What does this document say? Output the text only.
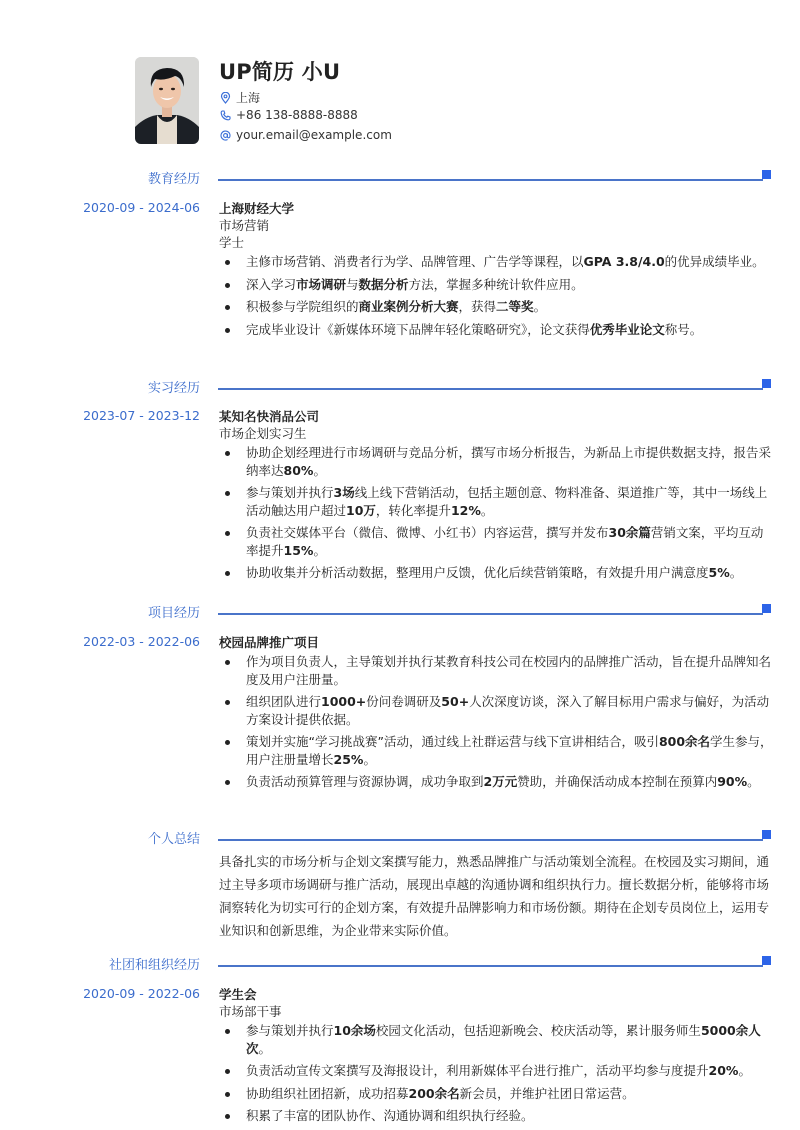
UP简历 小U
上海
+86 138-8888-8888
your.email@example.com
教育经历
2020-09 - 2024-06 上海财经大学
市场营销
学士
主修市场营销、消费者行为学、品牌管理、广告学等课程，以GPA 3.8/4.0的优异成绩毕业。
深入学习市场调研与数据分析方法，掌握多种统计软件应用。
积极参与学院组织的商业案例分析大赛，获得二等奖。
完成毕业设计《新媒体环境下品牌年轻化策略研究》，论文获得优秀毕业论文称号。
实习经历
2023-07 - 2023-12 某知名快消品公司
市场企划实习生
协助企划经理进行市场调研与竞品分析，撰写市场分析报告，为新品上市提供数据支持，报告采纳率达80%。
参与策划并执行3场线上线下营销活动，包括主题创意、物料准备、渠道推广等，其中一场线上活动触达用户超过10万，转化率提升12%。
负责社交媒体平台（微信、微博、小红书）内容运营，撰写并发布30余篇营销文案，平均互动率提升15%。
协助收集并分析活动数据，整理用户反馈，优化后续营销策略，有效提升用户满意度5%。
项目经历
2022-03 - 2022-06 校园品牌推广项目
作为项目负责人，主导策划并执行某教育科技公司在校园内的品牌推广活动，旨在提升品牌知名度及用户注册量。
组织团队进行1000+份问卷调研及50+人次深度访谈，深入了解目标用户需求与偏好，为活动方案设计提供依据。
策划并实施“学习挑战赛”活动，通过线上社群运营与线下宣讲相结合，吸引800余名学生参与，用户注册量增长25%。
负责活动预算管理与资源协调，成功争取到2万元赞助，并确保活动成本控制在预算内90%。
个人总结
具备扎实的市场分析与企划文案撰写能力，熟悉品牌推广与活动策划全流程。在校园及实习期间，通过主导多项市场调研与推广活动，展现出卓越的沟通协调和组织执行力。擅长数据分析，能够将市场洞察转化为切实可行的企划方案，有效提升品牌影响力和市场份额。期待在企划专员岗位上，运用专业知识和创新思维，为企业带来实际价值。
社团和组织经历
2020-09 - 2022-06 学生会
市场部干事
参与策划并执行10余场校园文化活动，包括迎新晚会、校庆活动等，累计服务师生5000余人次。
负责活动宣传文案撰写及海报设计，利用新媒体平台进行推广，活动平均参与度提升20%。
协助组织社团招新，成功招募200余名新会员，并维护社团日常运营。
积累了丰富的团队协作、沟通协调和组织执行经验。
